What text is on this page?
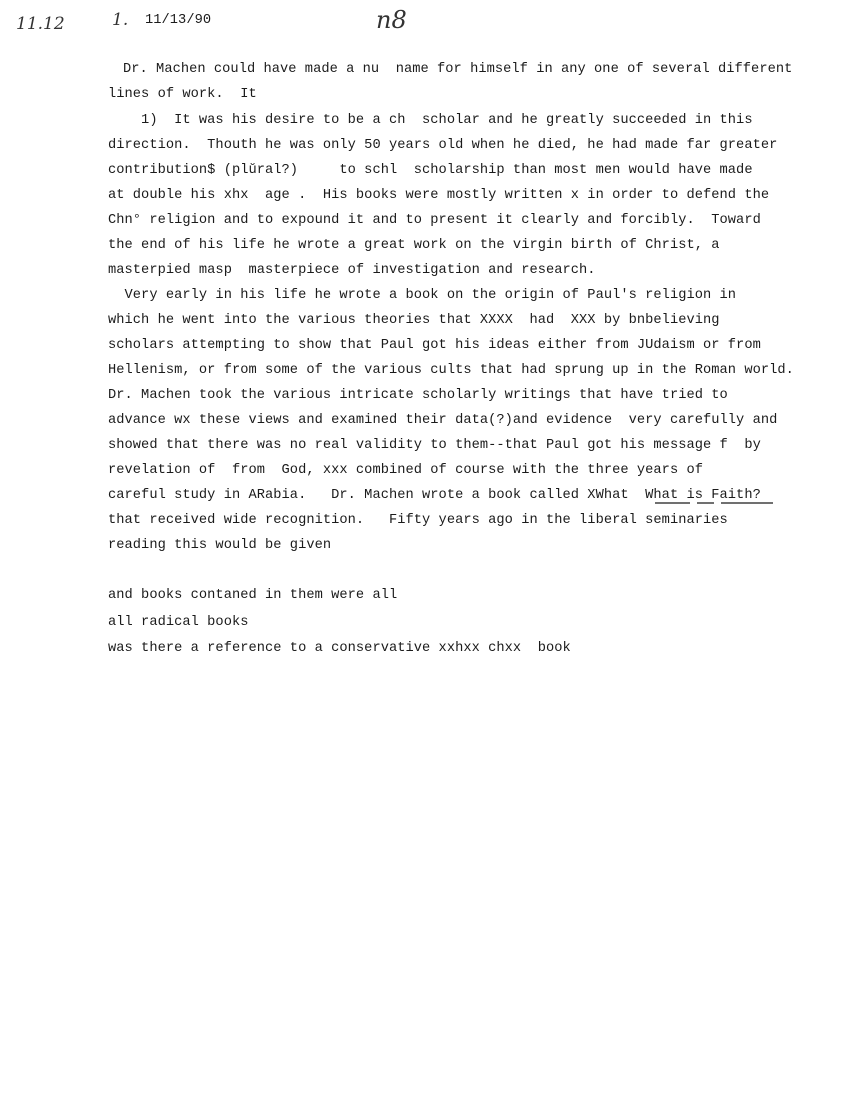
11.12	1. 11/13/90	n8
Dr. Machen could have made a nu  name for himself in any one of several different
lines of work.  It
1)  It was his desire to be a ch  scholar and he greatly succeeded in this
direction.  Thouth he was only 50 years old when he died, he had made far greater
contribution$ (plŭral?)     to schl  scholarship than most men would have made
at double his xhx  age .  His books were mostly written x in order to defend the
Chn° religion and to expound it and to present it clearly and forcibly.  Toward
the end of his life he wrote a great work on the virgin birth of Christ, a
masterpied masp  masterpiece of investigation and research.
Very early in his life he wrote a book on the origin of Paul's religion in
which he went into the various theories that XXXX  had  XXX by bnbelieving
scholars attempting to show that Paul got his ideas either from JUdaism or from
Hellenism, or from some of the various cults that had sprung up in the Roman world.
Dr. Machen took the various intricate scholarly writings that have tried to
advance wx these views and examined their data(?)and evidence  very carefully and
showed that there was no real validity to them--that Paul got his message f  by
revelation of  from  God, xxx combined of course with the three years of
careful study in ARabia.   Dr. Machen wrote a book called XWhat  What is Faith?
that received wide recognition.   Fifty years ago in the liberal seminaries
reading this would be given
and books contaned in them were all
all radical books
was there a reference to a conservative xxhxx chxx  book
